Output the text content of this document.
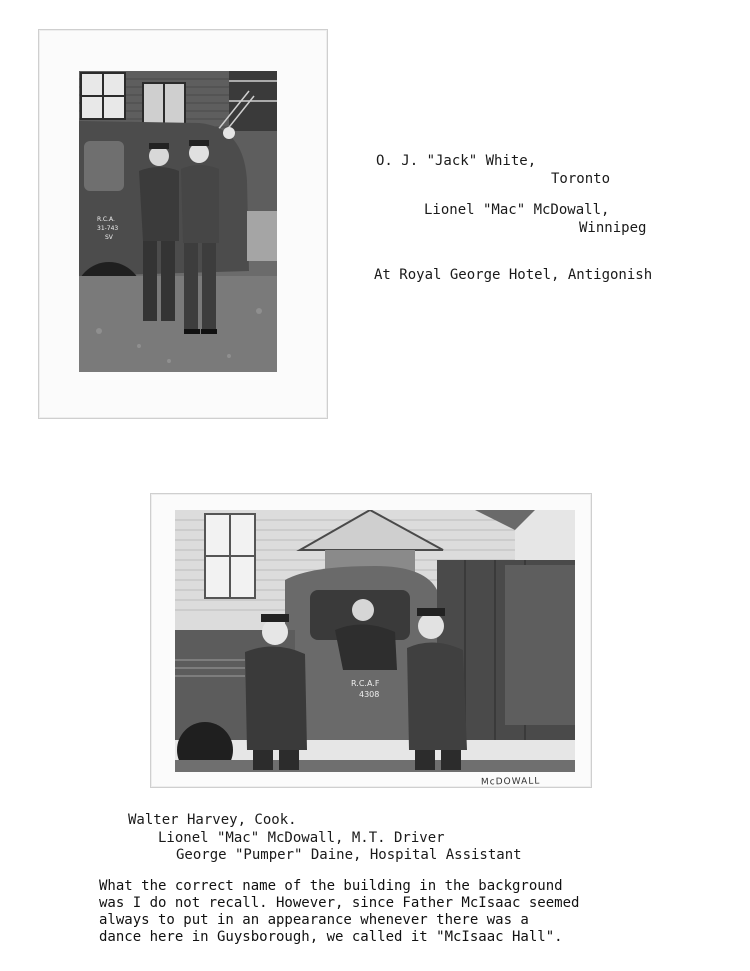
R.C.A.
31-743
SV
O. J. "Jack" White,
Toronto
Lionel "Mac" McDowall,
Winnipeg
At Royal George Hotel, Antigonish
R.C.A.F
4308
McDOWALL
Walter Harvey, Cook.
Lionel "Mac" McDowall, M.T. Driver
George "Pumper" Daine, Hospital Assistant
What the correct name of the building in the background
was I do not recall. However, since Father McIsaac seemed
always to put in an appearance whenever there was a
dance here in Guysborough, we called it "McIsaac Hall".
